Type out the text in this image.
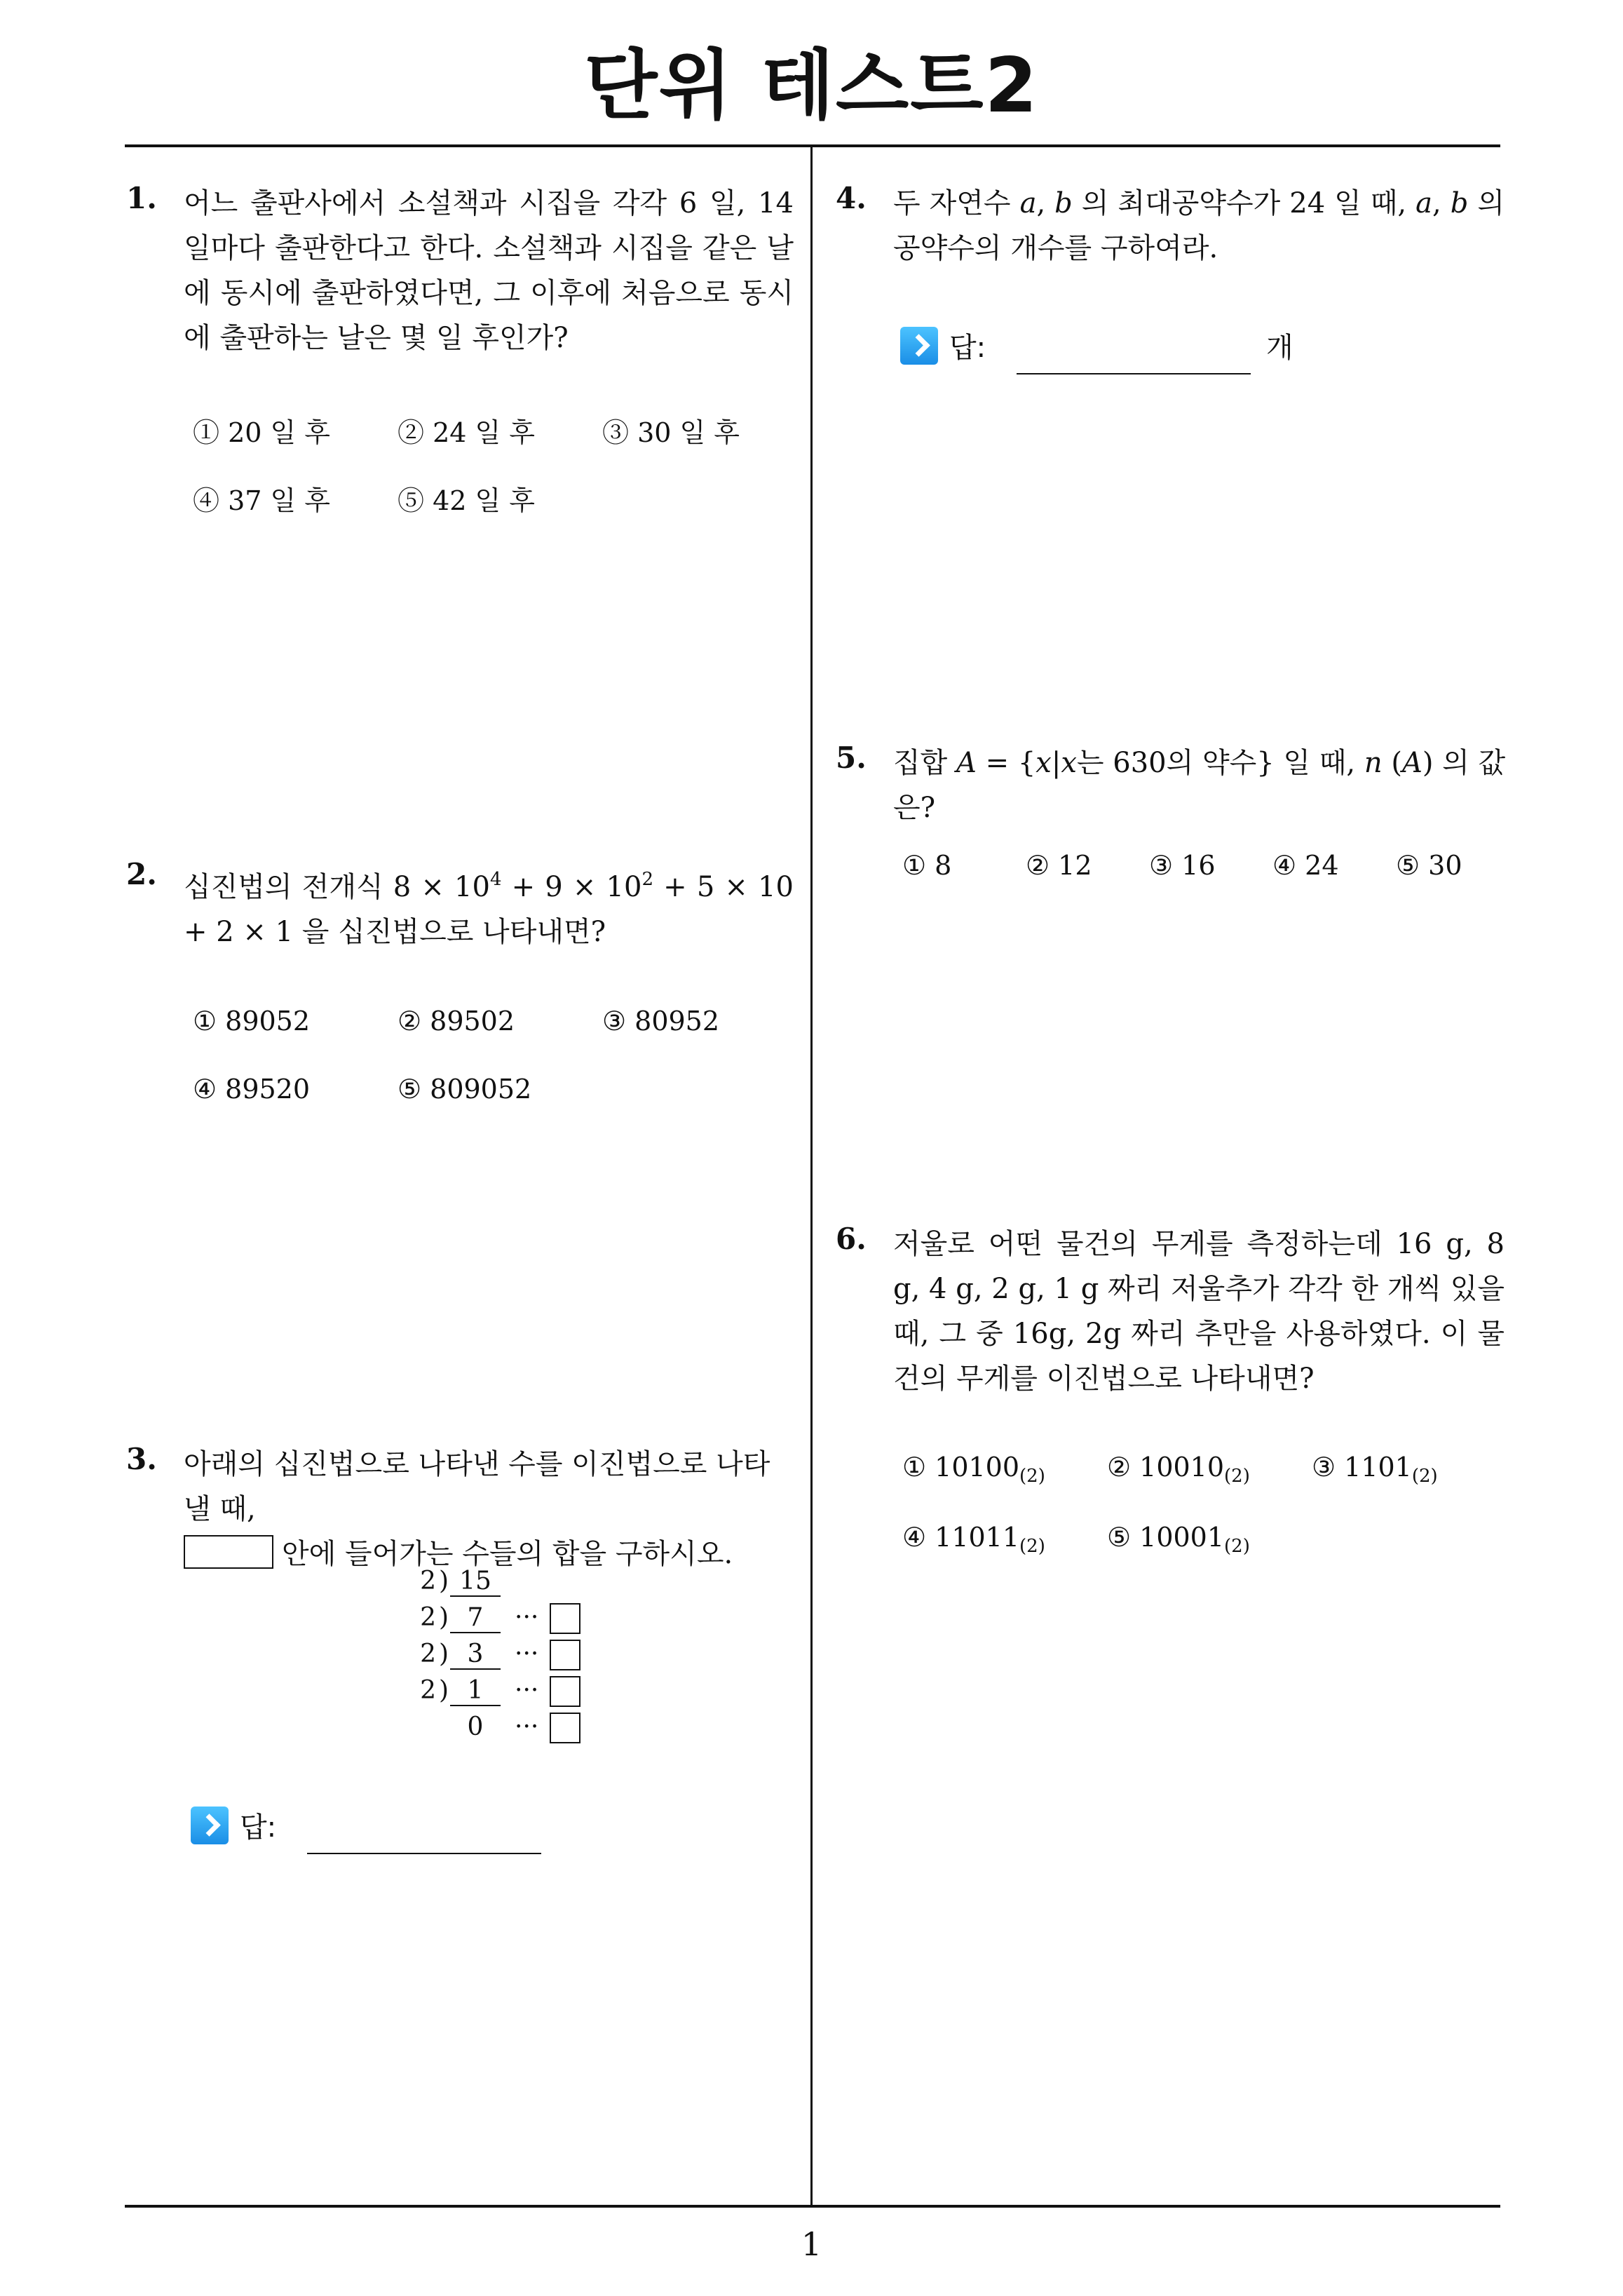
단위 테스트2
1
1. 어느 출판사에서 소설책과 시집을 각각 6 일, 14 일마다 출판한다고 한다. 소설책과 시집을 같은 날에 동시에 출판하였다면, 그 이후에 처음으로 동시에 출판하는 날은 몇 일 후인가?
① 20 일 후	② 24 일 후	③ 30 일 후
④ 37 일 후	⑤ 42 일 후
2. 십진법의 전개식 $8 \times 10^4 + 9 \times 10^2 + 5 \times 10 + 2 \times 1$ 을 십진법으로 나타내면?
① 89052	② 89502	③ 80952
④ 89520	⑤ 809052
3. 아래의 십진법으로 나타낸 수를 이진법으로 나타낼 때,
안에 들어가는 수들의 합을 구하시오.
2 ) 15
2 ) 7	···
2 ) 3	···
2 ) 1	···
0	···
답:
4. 두 자연수 a, b 의 최대공약수가 24 일 때, a, b 의 공약수의 개수를 구하여라.
답:	개
5. 집합 A = {x|x는 630의 약수} 일 때, n (A) 의 값은?
① 8	② 12 ③ 16 ④ 24 ⑤ 30
6. 저울로 어떤 물건의 무게를 측정하는데 16 g, 8 g, 4 g, 2 g, 1 g 짜리 저울추가 각각 한 개씩 있을 때, 그 중 16g, 2g 짜리 추만을 사용하였다. 이 물건의 무게를 이진법으로 나타내면?
① $10100_{(2)}$ ② $10010_{(2)}$ ③ $1101_{(2)}$
④ $11011_{(2)}$ ⑤ $10001_{(2)}$
